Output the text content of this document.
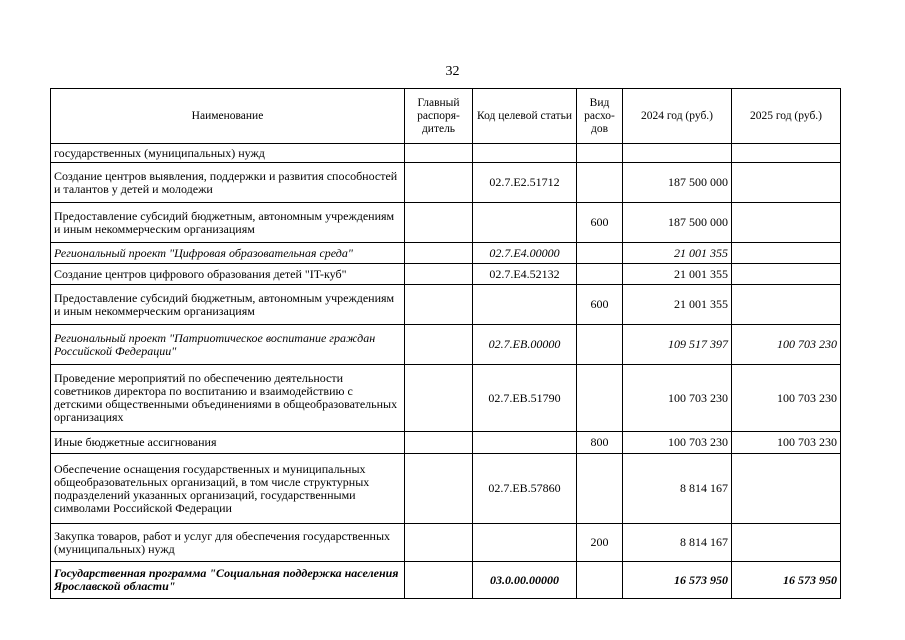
32
Наименование	Главный распоря-дитель	Код целевой статьи	Вид расхо-дов	2024 год (руб.)	2025 год (руб.)
государственных (муниципальных) нужд					
Создание центров выявления, поддержки и развития способностей и талантов у детей и молодежи		02.7.E2.51712		187 500 000	
Предоставление субсидий бюджетным, автономным учреждениям и иным некоммерческим организациям			600	187 500 000	
Региональный проект "Цифровая образовательная среда"		02.7.E4.00000		21 001 355	
Создание центров цифрового образования детей "IT-куб"		02.7.E4.52132		21 001 355	
Предоставление субсидий бюджетным, автономным учреждениям и иным некоммерческим организациям			600	21 001 355	
Региональный проект "Патриотическое воспитание граждан Российской Федерации"		02.7.EB.00000		109 517 397	100 703 230
Проведение мероприятий по обеспечению деятельности советников директора по воспитанию и взаимодействию с детскими общественными объединениями в общеобразовательных организациях		02.7.EB.51790		100 703 230	100 703 230
Иные бюджетные ассигнования			800	100 703 230	100 703 230
Обеспечение оснащения государственных и муниципальных общеобразовательных организаций, в том числе структурных подразделений указанных организаций, государственными символами Российской Федерации		02.7.EB.57860		8 814 167	
Закупка товаров, работ и услуг для обеспечения государственных (муниципальных) нужд			200	8 814 167	
Государственная программа "Социальная поддержка населения Ярославской области"		03.0.00.00000		16 573 950	16 573 950
